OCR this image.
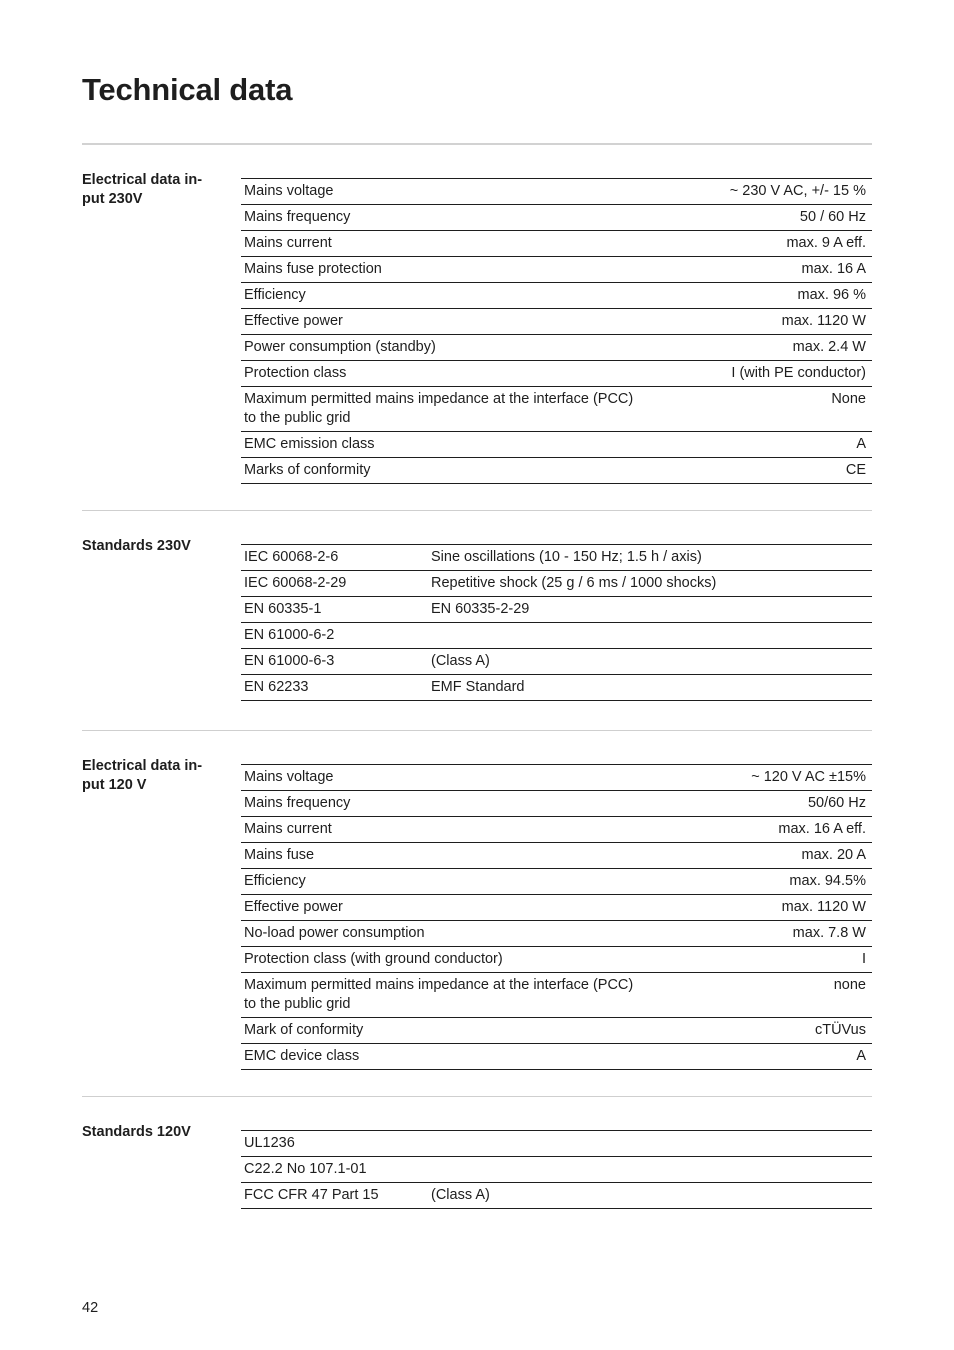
Technical data
Electrical data in-put 230V	Mains voltage	~ 230 V AC, +/- 15 %
Mains frequency	50 / 60 Hz
Mains current	max. 9 A eff.
Mains fuse protection	max. 16 A
Efficiency	max. 96 %
Effective power	max. 1120 W
Power consumption (standby)	max. 2.4 W
Protection class	I (with PE conductor)
Maximum permitted mains impedance at the interface (PCC) to the public grid	None
EMC emission class	A
Marks of conformity	CE
Standards 230V
IEC 60068-2-6	Sine oscillations (10 - 150 Hz; 1.5 h / axis)
IEC 60068-2-29	Repetitive shock (25 g / 6 ms / 1000 shocks)
EN 60335-1	EN 60335-2-29
EN 61000-6-2	
EN 61000-6-3	(Class A)
EN 62233	EMF Standard
Electrical data in-put 120 V	Mains voltage	~ 120 V AC ±15%
Mains frequency	50/60 Hz
Mains current	max. 16 A eff.
Mains fuse	max. 20 A
Efficiency	max. 94.5%
Effective power	max. 1120 W
No-load power consumption	max. 7.8 W
Protection class (with ground conductor)	I
Maximum permitted mains impedance at the interface (PCC) to the public grid	none
Mark of conformity	cTÜVus
EMC device class	A
Standards 120V
UL1236	
C22.2 No 107.1-01	
FCC CFR 47 Part 15	(Class A)
42
